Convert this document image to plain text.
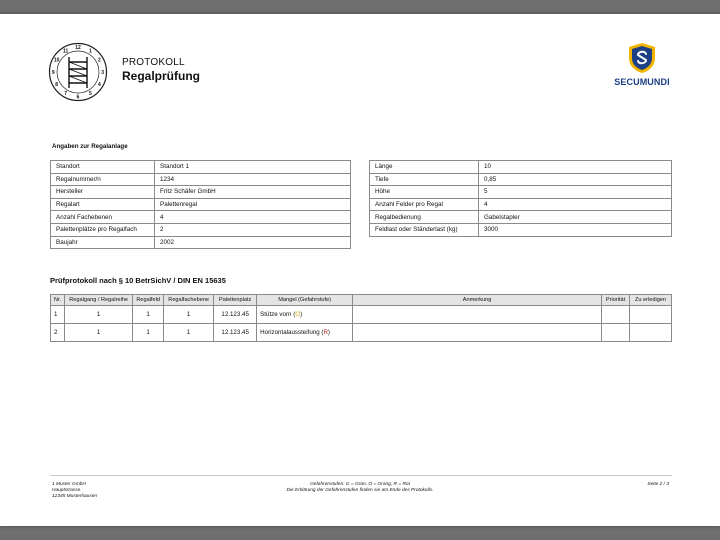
12
1
2
3
4
5
6
7
8
9
10
11
PROTOKOLL
Regalprüfung	SECUMUNDI
Angaben zur Regalanlage
Standort	Standort 1
Regalnummer/n	1234
Hersteller	Fritz Schäfer GmbH
Regalart	Palettenregal
Anzahl Fachebenen	4
Palettenplätze pro Regalfach	2
Baujahr	2002
Länge	10
Tiefe	0,85
Höhe	5
Anzahl Felder pro Regal	4
Regalbedienung	Gabelstapler
Feldlast oder Ständerlast (kg)	3000
Prüfprotokoll nach § 10 BetrSichV / DIN EN 15635
Nr.	Regalgang / Regalreihe	Regalfeld	Regalfachebene	Palettenplatz	Mangel (Gefahrstufe)	Anmerkung	Priorität	Zu erledigen
1	1	1	1	12.123.45	Stütze vorn (O)			
2	1	1	1	12.123.45	Horizontalaussteifung (R)			
1 Muster GmbH
Hauptstrasse
12345 Musterhausen
Gefahrenstufen: G = Grün, O = Orang, R = Rot
Die Erklärung der Gefahrenstufen finden sie am Ende des Protokolls.
Seite 2 / 3
